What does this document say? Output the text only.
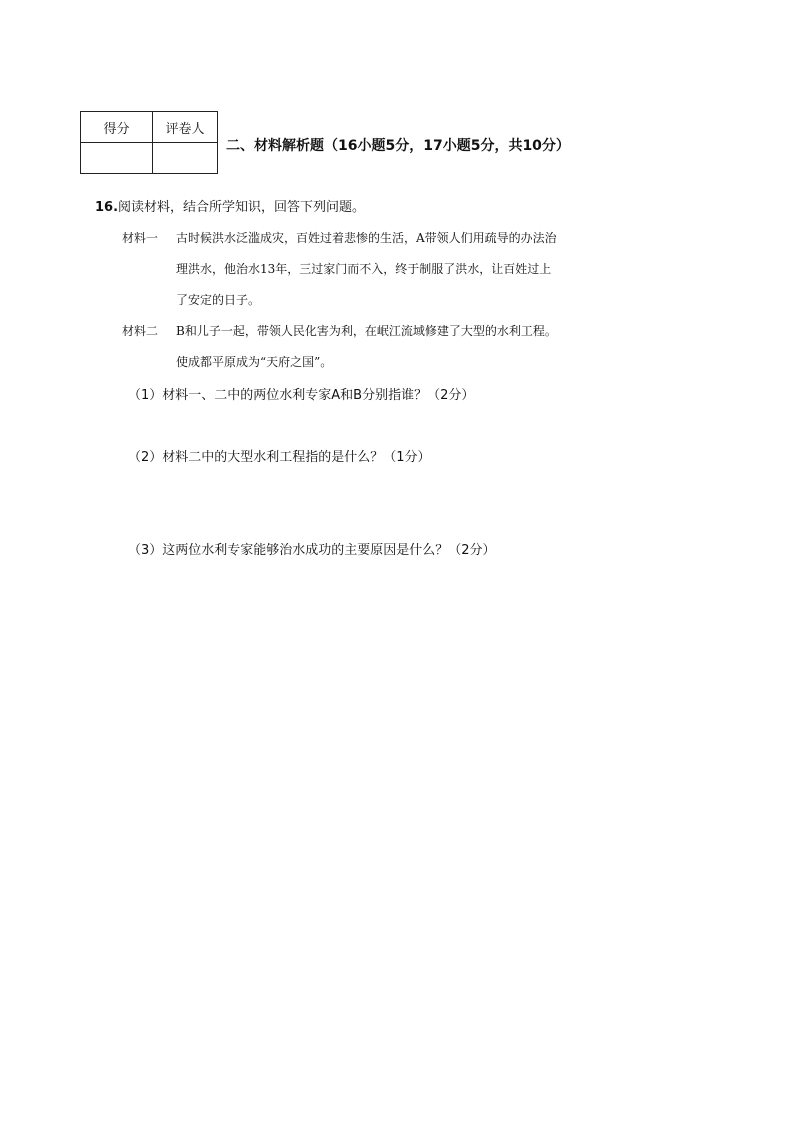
得分	评卷人

二、材料解析题（16小题5分，17小题5分，共10分）
16.阅读材料，结合所学知识，回答下列问题。
材料一 古时候洪水泛滥成灾，百姓过着悲惨的生活，A带领人们用疏导的办法治
理洪水，他治水13年，三过家门而不入，终于制服了洪水，让百姓过上
了安定的日子。
材料二 B和儿子一起，带领人民化害为利，在岷江流域修建了大型的水利工程。
使成都平原成为“天府之国”。
（1）材料一、二中的两位水利专家A和B分别指谁？（2分）
（2）材料二中的大型水利工程指的是什么？（1分）
（3）这两位水利专家能够治水成功的主要原因是什么？（2分）
